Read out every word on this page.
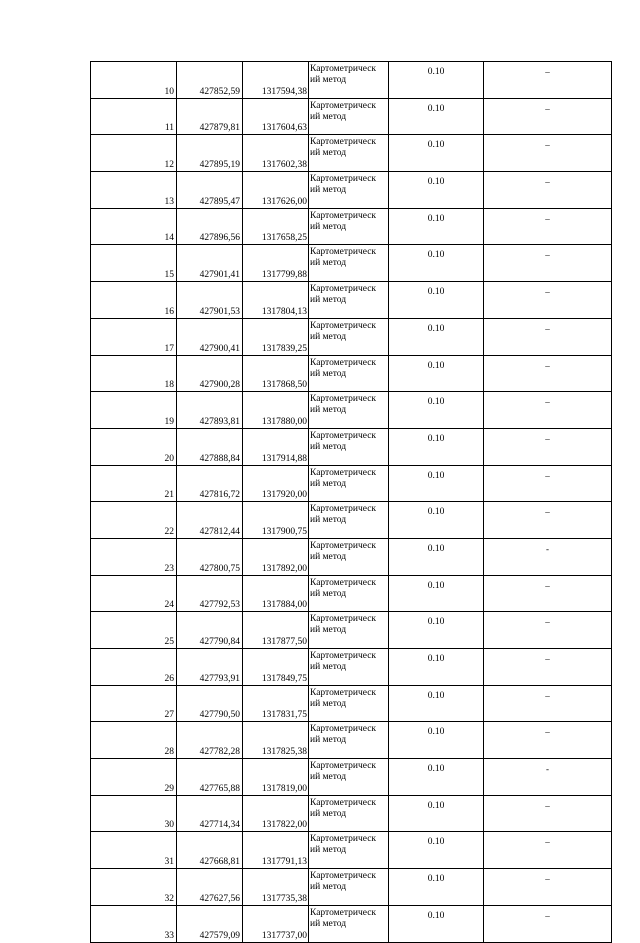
10	427852,59	1317594,38	Картометрическ
ий метод	0.10	–
11	427879,81	1317604,63	Картометрическ
ий метод	0.10	–
12	427895,19	1317602,38	Картометрическ
ий метод	0.10	–
13	427895,47	1317626,00	Картометрическ
ий метод	0.10	–
14	427896,56	1317658,25	Картометрическ
ий метод	0.10	–
15	427901,41	1317799,88	Картометрическ
ий метод	0.10	–
16	427901,53	1317804,13	Картометрическ
ий метод	0.10	–
17	427900,41	1317839,25	Картометрическ
ий метод	0.10	–
18	427900,28	1317868,50	Картометрическ
ий метод	0.10	–
19	427893,81	1317880,00	Картометрическ
ий метод	0.10	–
20	427888,84	1317914,88	Картометрическ
ий метод	0.10	–
21	427816,72	1317920,00	Картометрическ
ий метод	0.10	–
22	427812,44	1317900,75	Картометрическ
ий метод	0.10	–
23	427800,75	1317892,00	Картометрическ
ий метод	0.10	-
24	427792,53	1317884,00	Картометрическ
ий метод	0.10	–
25	427790,84	1317877,50	Картометрическ
ий метод	0.10	–
26	427793,91	1317849,75	Картометрическ
ий метод	0.10	–
27	427790,50	1317831,75	Картометрическ
ий метод	0.10	–
28	427782,28	1317825,38	Картометрическ
ий метод	0.10	–
29	427765,88	1317819,00	Картометрическ
ий метод	0.10	-
30	427714,34	1317822,00	Картометрическ
ий метод	0.10	–
31	427668,81	1317791,13	Картометрическ
ий метод	0.10	–
32	427627,56	1317735,38	Картометрическ
ий метод	0.10	–
33	427579,09	1317737,00	Картометрическ
ий метод	0.10	–
